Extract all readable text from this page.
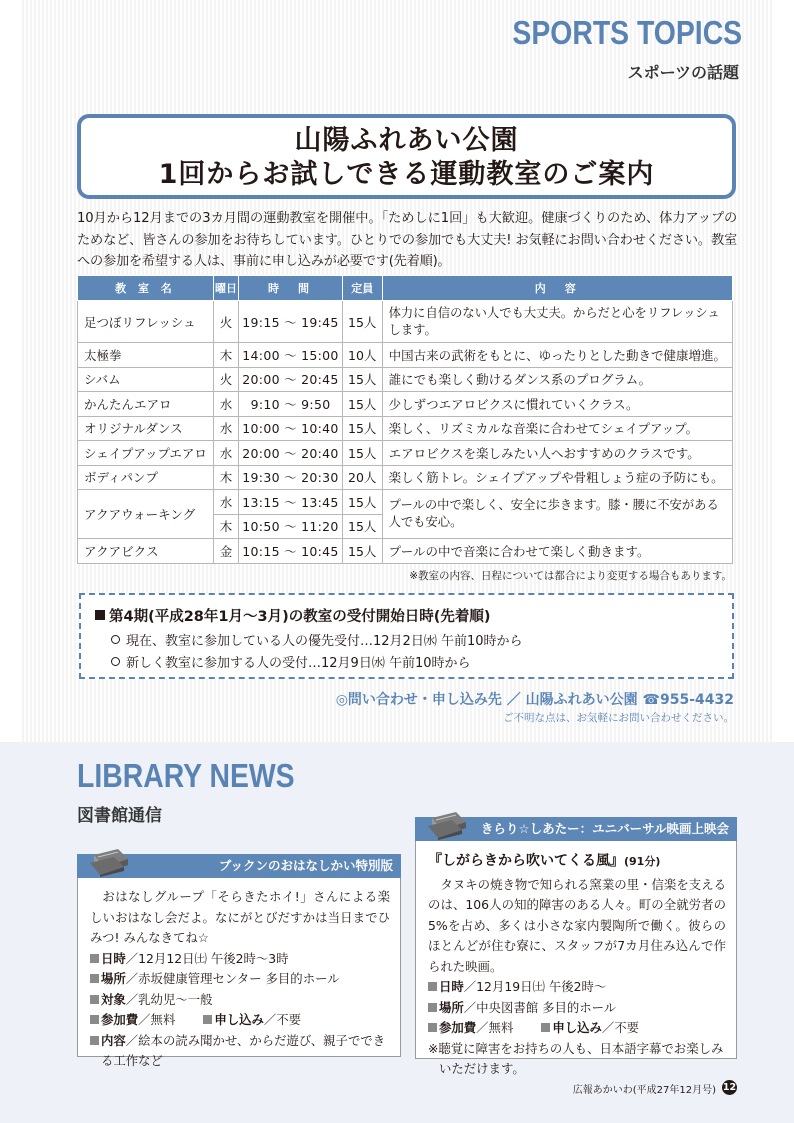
SPORTS TOPICS
スポーツの話題
山陽ふれあい公園
1回からお試しできる運動教室のご案内

10月から12月までの3カ月間の運動教室を開催中。「ためしに1回」も大歓迎。健康づくりのため、体力アップのためなど、皆さんの参加をお待ちしています。ひとりでの参加でも大丈夫! お気軽にお問い合わせください。教室への参加を希望する人は、事前に申し込みが必要です(先着順)。

教 室 名	曜日	時　間	定員	内　容
足つぼリフレッシュ	火	19:15 ～ 19:45	15人	体力に自信のない人でも大丈夫。からだと心をリフレッシュします。
太極拳	木	14:00 ～ 15:00	10人	中国古来の武術をもとに、ゆったりとした動きで健康増進。
シバム	火	20:00 ～ 20:45	15人	誰にでも楽しく動けるダンス系のプログラム。
かんたんエアロ	水	9:10 ～ 9:50	15人	少しずつエアロビクスに慣れていくクラス。
オリジナルダンス	水	10:00 ～ 10:40	15人	楽しく、リズミカルな音楽に合わせてシェイプアップ。
シェイプアップエアロ	水	20:00 ～ 20:40	15人	エアロビクスを楽しみたい人へおすすめのクラスです。
ボディパンプ	木	19:30 ～ 20:30	20人	楽しく筋トレ。シェイプアップや骨粗しょう症の予防にも。
アクアウォーキング	水	13:15 ～ 13:45	15人	プールの中で楽しく、安全に歩きます。膝・腰に不安がある人でも安心。
	木	10:50 ～ 11:20	15人	
アクアビクス	金	10:15 ～ 10:45	15人	プールの中で音楽に合わせて楽しく動きます。
※教室の内容、日程については都合により変更する場合もあります。
第4期(平成28年1月～3月)の教室の受付開始日時(先着順)
現在、教室に参加している人の優先受付…12月2日㈬ 午前10時から
新しく教室に参加する人の受付…12月9日㈬ 午前10時から
◎問い合わせ・申し込み先 ／ 山陽ふれあい公園 ☎955-4432
ご不明な点は、お気軽にお問い合わせください。
LIBRARY NEWS
図書館通信
ブックンのおはなしかい特別版

おはなしグループ「そらきたホイ!」さんによる楽しいおはなし会だよ。なにがとびだすかは当日までひみつ! みんなきてね☆

日時／12月12日㈯ 午後2時～3時

場所／赤坂健康管理センター 多目的ホール

対象／乳幼児～一般

参加費／無料	申し込み／不要

内容／絵本の読み聞かせ、からだ遊び、親子でできる工作など

きらり☆しあたー：ユニバーサル映画上映会

『しがらきから吹いてくる風』(91分)

タヌキの焼き物で知られる窯業の里・信楽を支えるのは、106人の知的障害のある人々。町の全就労者の5%を占め、多くは小さな家内製陶所で働く。彼らのほとんどが住む寮に、スタッフが7カ月住み込んで作られた映画。

日時／12月19日㈯ 午後2時～

場所／中央図書館 多目的ホール

参加費／無料	申し込み／不要

※聴覚に障害をお持ちの人も、日本語字幕でお楽しみいただけます。

広報あかいわ(平成27年12月号) 12
